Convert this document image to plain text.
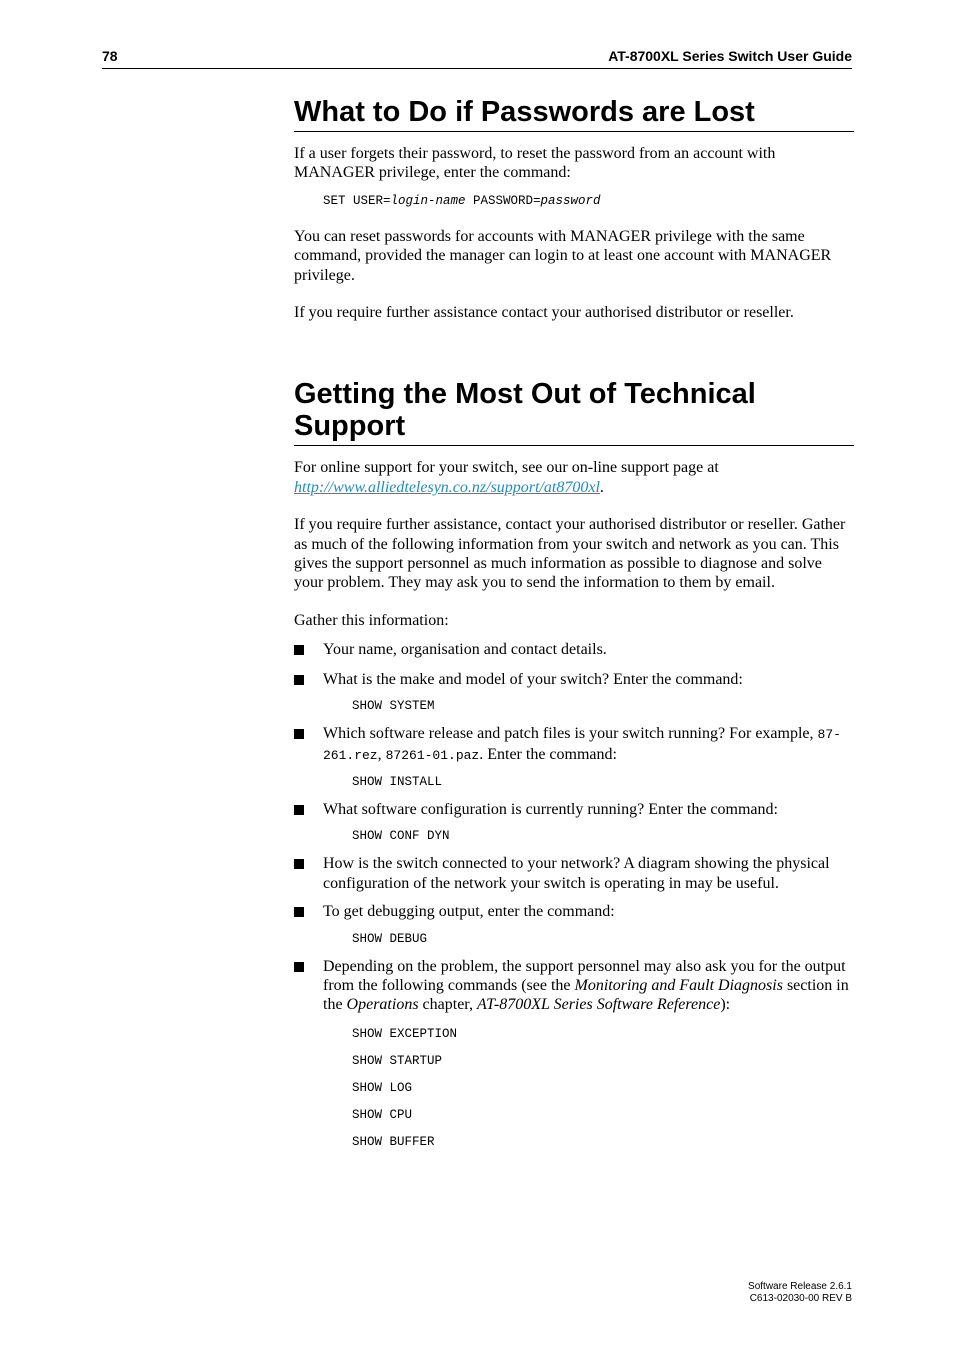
78	AT-8700XL Series Switch User Guide
What to Do if Passwords are Lost

If a user forgets their password, to reset the password from an account with MANAGER privilege, enter the command:

SET USER=login-name PASSWORD=password

You can reset passwords for accounts with MANAGER privilege with the same command, provided the manager can login to at least one account with MANAGER privilege.

If you require further assistance contact your authorised distributor or reseller.

Getting the Most Out of Technical Support

For online support for your switch, see our on-line support page at
http://www.alliedtelesyn.co.nz/support/at8700xl.

If you require further assistance, contact your authorised distributor or reseller. Gather as much of the following information from your switch and network as you can. This gives the support personnel as much information as possible to diagnose and solve your problem. They may ask you to send the information to them by email.

Gather this information:

Your name, organisation and contact details.

What is the make and model of your switch? Enter the command:

SHOW SYSTEM

Which software release and patch files is your switch running? For example, 87-261.rez, 87261-01.paz. Enter the command:

SHOW INSTALL

What software configuration is currently running? Enter the command:

SHOW CONF DYN

How is the switch connected to your network? A diagram showing the physical configuration of the network your switch is operating in may be useful.

To get debugging output, enter the command:

SHOW DEBUG

Depending on the problem, the support personnel may also ask you for the output from the following commands (see the Monitoring and Fault Diagnosis section in the Operations chapter, AT-8700XL Series Software Reference):

SHOW EXCEPTION
SHOW STARTUP
SHOW LOG
SHOW CPU
SHOW BUFFER
Software Release 2.6.1
C613-02030-00 REV B
